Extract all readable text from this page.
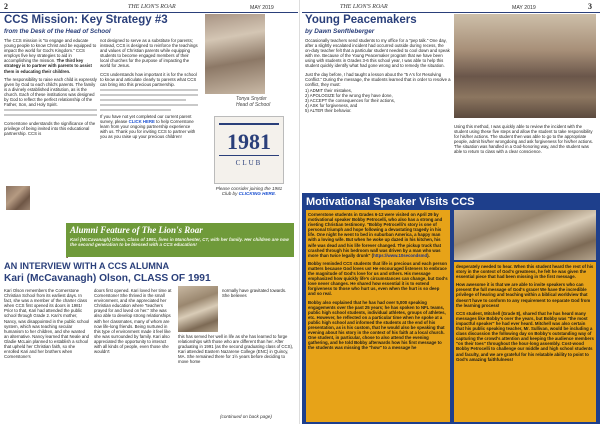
2	THE LION'S ROAR	MAY 2019
CCS Mission: Key Strategy #3
from the Desk of the Head of School
The CCS mission is "to engage and educate young people to know Christ and be equipped to impact the world for God's Kingdom." CCS employs five key strategies to aid in accomplishing the mission. The third key strategy is to partner with parents to assist them in educating their children.
The responsibility to raise each child is expressly given by God to each child's parents. The family is a divinely established institution, as is the church. Each of these institutions was designed by God to reflect the perfect relationship of the Father, Son, and Holy Spirit.
Cornerstone understands the significance of the privilege of being invited into this educational partnership. CCS is
not designed to serve as a substitute for parents; instead, CCS is designed to reinforce the teachings and values of Christian parents while equipping students to become engaged members of their local churches for the purpose of impacting the world for Jesus.
CCS understands how important it is for the school to know and articulate clearly to parents what CCS can bring into this precious partnership.
If you have not yet completed our current parent survey, please CLICK HERE to help Cornerstone learn from your ongoing partnership experience with us. Thank you for inviting CCS to partner with you as you raise up your precious children!
Tonya Snyder
Head of School
1981
CLUB
Please consider joining the 1981 Club by CLICKING HERE.
Alumni Feature of The Lion's Roar
Kari (McCavanagh) Olson, Class of 1991, lives in Manchester, CT, with her family. Her children are now the second generation to be blessed with a CCS education!
AN INTERVIEW WITH A CCS ALUMNA
Kari (McCavanagh) Olson, CLASS OF 1991
Kari Olson remembers the Cornerstone Christian School from its earliest days. In fact, she was a member of the charter class when CCS first opened its doors in 1981! Prior to that, Kari had attended the public school through Grade 2. Kari's mother, Nancy, was disappointed in the public school system, which was teaching secular humanism to her children, and she wanted an alternative. Nancy learned that Neale and Gladie McLain planned to establish a school that upheld her Christian faith, so she enrolled Kari and her brothers when Cornerstone's
doors first opened. Kari loved her time at Cornerstone! She thrived in the small environment, and she appreciated her Christian education where "teachers prayed for and loved on her." She was also able to develop strong relationships with her classmates, many of whom are now life-long friends. Being nurtured in this type of environment made it feel like she was surrounded by family. Kari also appreciated the opportunity to interact with all kinds of people, even those she wouldn't
normally have gravitated towards. She believes
this has served her well in life as she has learned to forge relationships with those who are different than her. After graduating in 1991 (as the second graduating class of CCS), Kari attended Eastern Nazarene College (ENC) in Quincy, MA. She remained there for 1½ years before deciding to move home
(continued on back page)
THE LION'S ROAR	MAY 2019	3
Young Peacemakers
by Dawn Senftleberger
Occasionally teachers send students to my office for a "pep talk." One day, after a slightly escalated incident had occurred outside during recess, the on-duty teacher felt that a particular student needed to cool down and speak with me. Because of the Young Peacemaker program that we have been using with students in Grades 3-6 this school year, I was able to help this student quickly identify what had gone wrong and to remedy the situation.
Just the day before, I had taught a lesson about the "5 A's for Resolving Conflict." During the message, the students learned that in order to resolve a conflict, they must:
1) ADMIT their mistakes,
2) APOLOGIZE for the wrong they have done,
3) ACCEPT the consequences for their actions,
4) ASK for forgiveness, and
5) ALTER their behavior.
Using this method, I was quickly able to review the incident with the student using these five steps and allow the student to take responsibility for his/her actions. The student then was able to go to the appropriate people, admit his/her wrongdoing and ask forgiveness for his/her actions. The situation was handled in a God-honoring way, and the student was able to return to class with a clear conscience.
Motivational Speaker Visits CCS
Cornerstone students in Grades 6-12 were visited on April 29 by motivational speaker Bobby Petrocelli, who also has a strong and riveting Christian testimony. "Bobby Petrocelli's story is one of personal triumph and hope following a devastating tragedy in his life. One night he went to bed in suburban America, a happy man with a loving wife. But when he woke up dazed in his kitchen, his wife was dead and his life forever changed. The pickup truck that crashed through his bedroom wall was driven by a man who was more than twice legally drunk" (https://www.10secondsmd).
Bobby reminded CCS students that life is precious and each person matters because God loves us! He encouraged listeners to embrace the magnitude of God's love for us and others. His message emphasized how quickly life's circumstances can change, but God's love never changes. He shared how essential it is to extend forgiveness to those who hurt us, even when the hurt is so deep and so real.
Bobby also explained that he has had over 5,000 speaking engagements over the past 25 years; he has spoken to NFL teams, public high school students, individual athletes, groups of athletes, etc. However, he reflected on a particular time when he spoke at a public high school and informed the students at the end of his presentation, as is his custom, that he would also be speaking that evening about his story in the context of his faith at a local church. One student, in particular, chose to also attend the evening gathering, and he told Bobby afterwards how his first message to the students was missing the "how" to a message he
desperately needed to hear. When this student heard the rest of his story in the context of God's greatness, he felt he was given the essential piece that had been missing in the first message.
How awesome it is that we are able to invite speakers who can present the full message of God's grace! We have the incredible privilege of hearing and teaching within a biblical worldview that doesn't have to conform to any requirement to separate God from the learning process!
CCS student, Mitchell (Grade 8), shared that he has heard many messages like Bobby's over the years, but Bobby was "the most impactful speaker" he had ever heard. Mitchell was also certain that his public speaking teacher, Mr. Sullivan, would be including a class discussion the following day on Bobby's outstanding way of capturing the crowd's attention and keeping the audience members "on their toes" throughout the hour-long assembly. Cost-wood Bobby Petrocelli to challenge our middle and high school students and faculty, and we are grateful for his relatable ability to point to God's amazing faithfulness!
